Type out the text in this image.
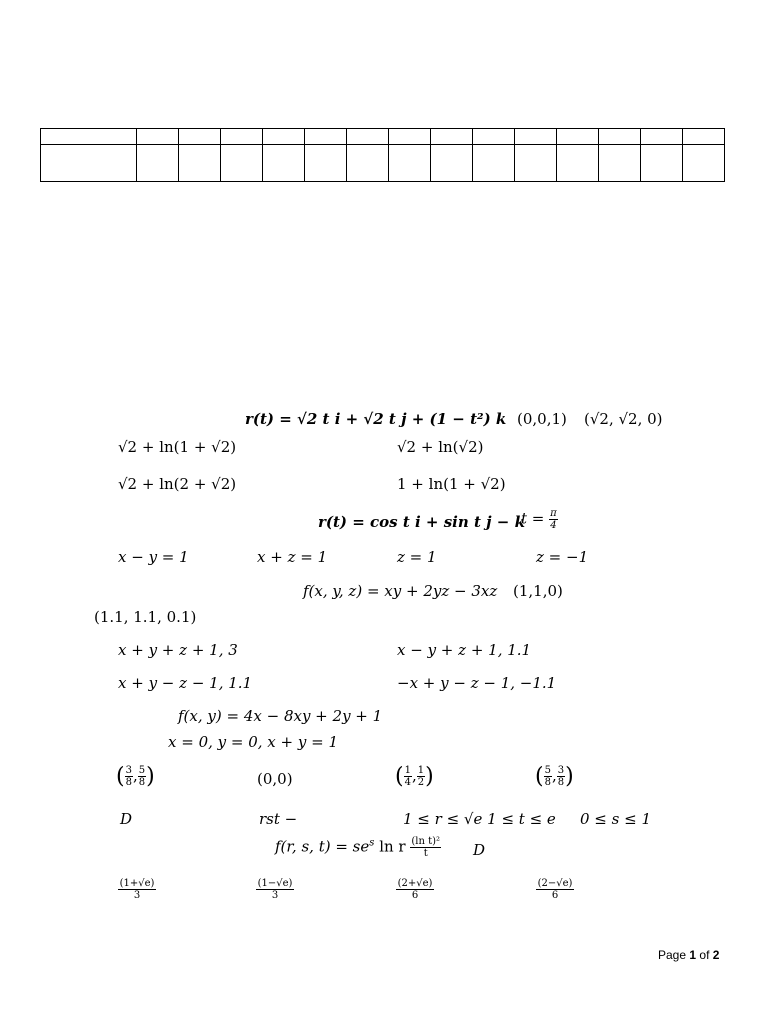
r(t) = √2 t i + √2 t j + (1 − t²) k (0,0,1) (√2, √2, 0)
√2 + ln(1 + √2)	√2 + ln(√2)
√2 + ln(2 + √2)	1 + ln(1 + √2)
r(t) = cos t i + sin t j − k
$t = \frac{\pi}{4}$
x − y = 1	x + z = 1	z = 1	z = −1
f(x, y, z) = xy + 2yz − 3xz (1,1,0)
(1.1, 1.1, 0.1)
x + y + z + 1, 3	x − y + z + 1, 1.1
x + y − z − 1, 1.1	−x + y − z − 1, −1.1
f(x, y) = 4x − 8xy + 2y + 1
x = 0, y = 0, x + y = 1
( $\frac{3}{8}$ , $\frac{5}{8}$ )	(0,0)	( $\frac{1}{4}$ , $\frac{1}{2}$ )	( $\frac{5}{8}$ , $\frac{3}{8}$ )
D	rst −	1 ≤ r ≤ √e 1 ≤ t ≤ e 0 ≤ s ≤ 1
f(r, s, $t) = se^s$ ln r $\frac{\text{(ln t)²}}{t}$ D
$\frac{(1+√e)}{3}$	$\frac{(1-√e)}{3}$	$\frac{(2+√e)}{6}$	$\frac{(2-√e)}{6}$
Page 1 of 2
